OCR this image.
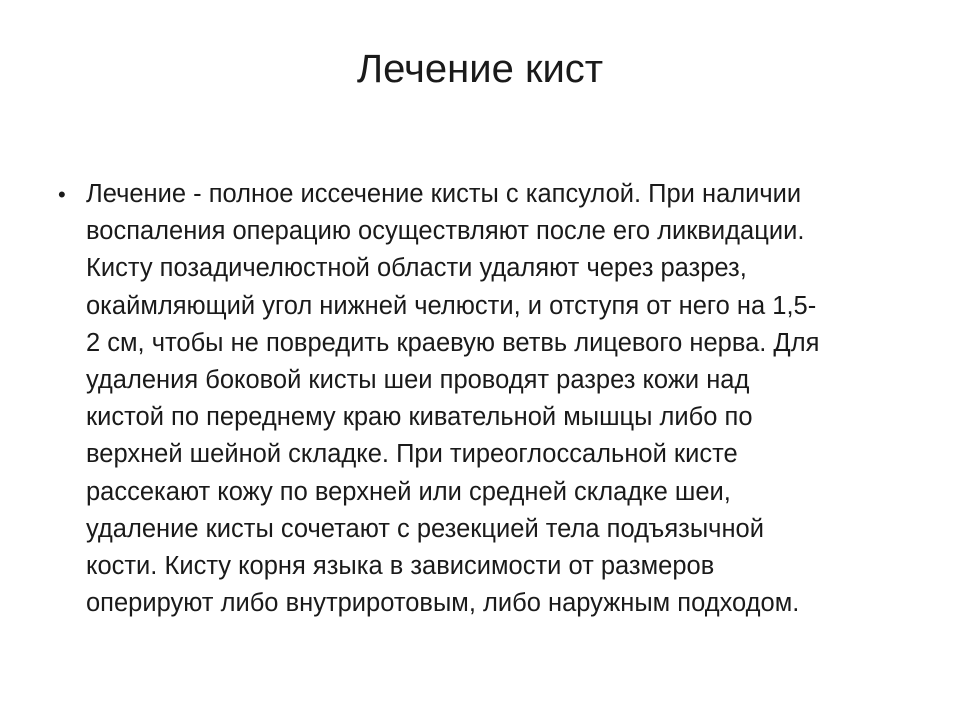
Лечение кист
• Лечение - полное иссечение кисты с капсулой. При наличии
воспаления операцию осуществляют после его ликвидации.
Кисту позадичелюстной области удаляют через разрез,
окаймляющий угол нижней челюсти, и отступя от него на 1,5-
2 см, чтобы не повредить краевую ветвь лицевого нерва. Для
удаления боковой кисты шеи проводят разрез кожи над
кистой по переднему краю кивательной мышцы либо по
верхней шейной складке. При тиреоглоссальной кисте
рассекают кожу по верхней или средней складке шеи,
удаление кисты сочетают с резекцией тела подъязычной
кости. Кисту корня языка в зависимости от размеров
оперируют либо внутриротовым, либо наружным подходом.
